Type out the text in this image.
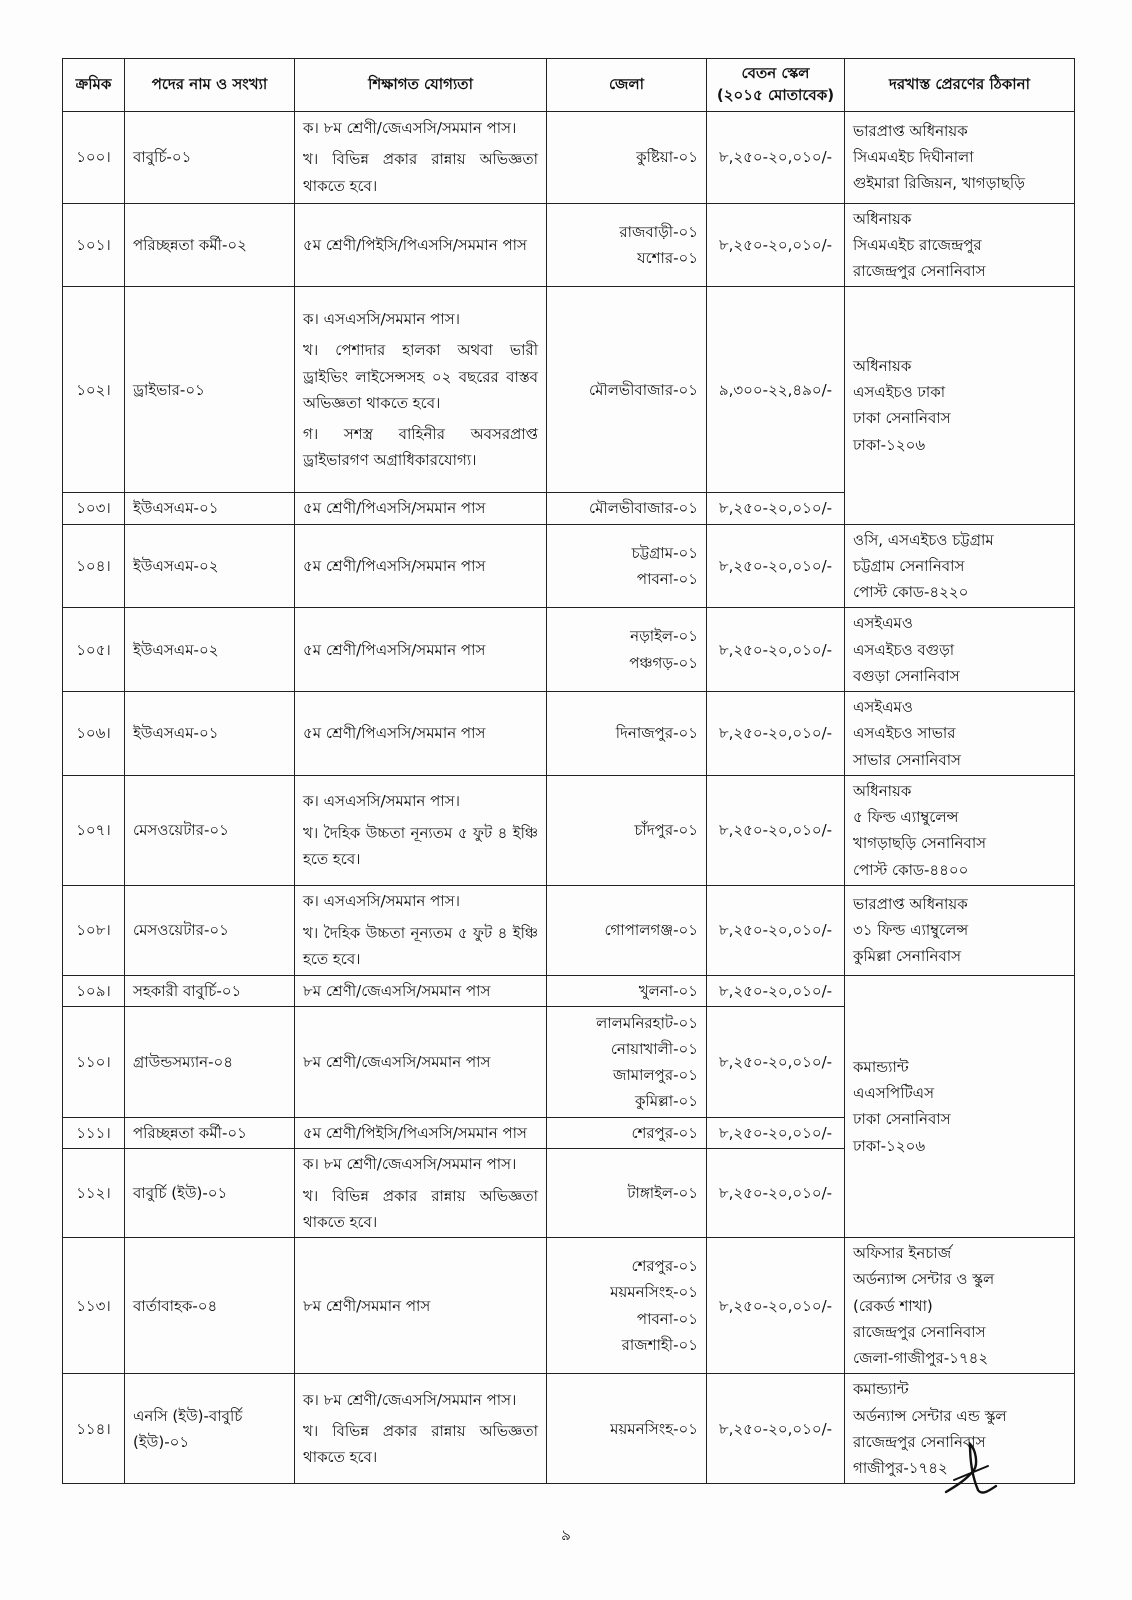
ক্রমিক	পদের নাম ও সংখ্যা	শিক্ষাগত যোগ্যতা	জেলা	বেতন স্কেল
(২০১৫ মোতাবেক)	দরখাস্ত প্রেরণের ঠিকানা
১০০।	বাবুর্চি-০১	ক। ৮ম শ্রেণী/জেএসসি/সমমান পাস।
খ। বিভিন্ন প্রকার রান্নায় অভিজ্ঞতা থাকতে হবে।	কুষ্টিয়া-০১	৮,২৫০-২০,০১০/-	ভারপ্রাপ্ত অধিনায়ক
সিএমএইচ দিঘীনালা
গুইমারা রিজিয়ন, খাগড়াছড়ি

১০১।	পরিচ্ছন্নতা কর্মী-০২	৫ম শ্রেণী/পিইসি/পিএসসি/সমমান পাস	রাজবাড়ী-০১
যশোর-০১	৮,২৫০-২০,০১০/-	অধিনায়ক
সিএমএইচ রাজেন্দ্রপুর
রাজেন্দ্রপুর সেনানিবাস

১০২।	ড্রাইভার-০১	ক। এসএসসি/সমমান পাস।
খ। পেশাদার হালকা অথবা ভারী ড্রাইভিং লাইসেন্সসহ ০২ বছরের বাস্তব অভিজ্ঞতা থাকতে হবে।
গ। সশস্ত্র বাহিনীর অবসরপ্রাপ্ত ড্রাইভারগণ অগ্রাধিকারযোগ্য।	মৌলভীবাজার-০১	৯,৩০০-২২,৪৯০/-	অধিনায়ক
এসএইচও ঢাকা
ঢাকা সেনানিবাস
ঢাকা-১২০৬

১০৩।	ইউএসএম-০১	৫ম শ্রেণী/পিএসসি/সমমান পাস	মৌলভীবাজার-০১	৮,২৫০-২০,০১০/-	
১০৪।	ইউএসএম-০২	৫ম শ্রেণী/পিএসসি/সমমান পাস	চট্টগ্রাম-০১
পাবনা-০১	৮,২৫০-২০,০১০/-	ওসি, এসএইচও চট্টগ্রাম
চট্টগ্রাম সেনানিবাস
পোস্ট কোড-৪২২০

১০৫।	ইউএসএম-০২	৫ম শ্রেণী/পিএসসি/সমমান পাস	নড়াইল-০১
পঞ্চগড়-০১	৮,২৫০-২০,০১০/-	এসইএমও
এসএইচও বগুড়া
বগুড়া সেনানিবাস

১০৬।	ইউএসএম-০১	৫ম শ্রেণী/পিএসসি/সমমান পাস	দিনাজপুর-০১	৮,২৫০-২০,০১০/-	এসইএমও
এসএইচও সাভার
সাভার সেনানিবাস

১০৭।	মেসওয়েটার-০১	ক। এসএসসি/সমমান পাস।
খ। দৈহিক উচ্চতা নূন্যতম ৫ ফুট ৪ ইঞ্চি হতে হবে।	চাঁদপুর-০১	৮,২৫০-২০,০১০/-	অধিনায়ক
৫ ফিল্ড এ্যাম্বুলেন্স
খাগড়াছড়ি সেনানিবাস
পোস্ট কোড-৪৪০০

১০৮।	মেসওয়েটার-০১	ক। এসএসসি/সমমান পাস।
খ। দৈহিক উচ্চতা নূন্যতম ৫ ফুট ৪ ইঞ্চি হতে হবে।	গোপালগঞ্জ-০১	৮,২৫০-২০,০১০/-	ভারপ্রাপ্ত অধিনায়ক
৩১ ফিল্ড এ্যাম্বুলেন্স
কুমিল্লা সেনানিবাস

১০৯।	সহকারী বাবুর্চি-০১	৮ম শ্রেণী/জেএসসি/সমমান পাস	খুলনা-০১	৮,২৫০-২০,০১০/-	কমান্ড্যান্ট
এএসপিটিএস
ঢাকা সেনানিবাস
ঢাকা-১২০৬

১১০।	গ্রাউন্ডসম্যান-০৪	৮ম শ্রেণী/জেএসসি/সমমান পাস	লালমনিরহাট-০১
নোয়াখালী-০১
জামালপুর-০১
কুমিল্লা-০১	৮,২৫০-২০,০১০/-	
১১১।	পরিচ্ছন্নতা কর্মী-০১	৫ম শ্রেণী/পিইসি/পিএসসি/সমমান পাস	শেরপুর-০১	৮,২৫০-২০,০১০/-	
১১২।	বাবুর্চি (ইউ)-০১	ক। ৮ম শ্রেণী/জেএসসি/সমমান পাস।
খ। বিভিন্ন প্রকার রান্নায় অভিজ্ঞতা থাকতে হবে।	টাঙ্গাইল-০১	৮,২৫০-২০,০১০/-	
১১৩।	বার্তাবাহক-০৪	৮ম শ্রেণী/সমমান পাস	শেরপুর-০১
ময়মনসিংহ-০১
পাবনা-০১
রাজশাহী-০১	৮,২৫০-২০,০১০/-	অফিসার ইনচার্জ
অর্ডন্যান্স সেন্টার ও স্কুল
(রেকর্ড শাখা)
রাজেন্দ্রপুর সেনানিবাস
জেলা-গাজীপুর-১৭৪২

১১৪।	এনসি (ইউ)-বাবুর্চি (ইউ)-০১	ক। ৮ম শ্রেণী/জেএসসি/সমমান পাস।
খ। বিভিন্ন প্রকার রান্নায় অভিজ্ঞতা থাকতে হবে।	ময়মনসিংহ-০১	৮,২৫০-২০,০১০/-	কমান্ড্যান্ট
অর্ডন্যান্স সেন্টার এন্ড স্কুল
রাজেন্দ্রপুর সেনানিবাস
গাজীপুর-১৭৪২
৯
